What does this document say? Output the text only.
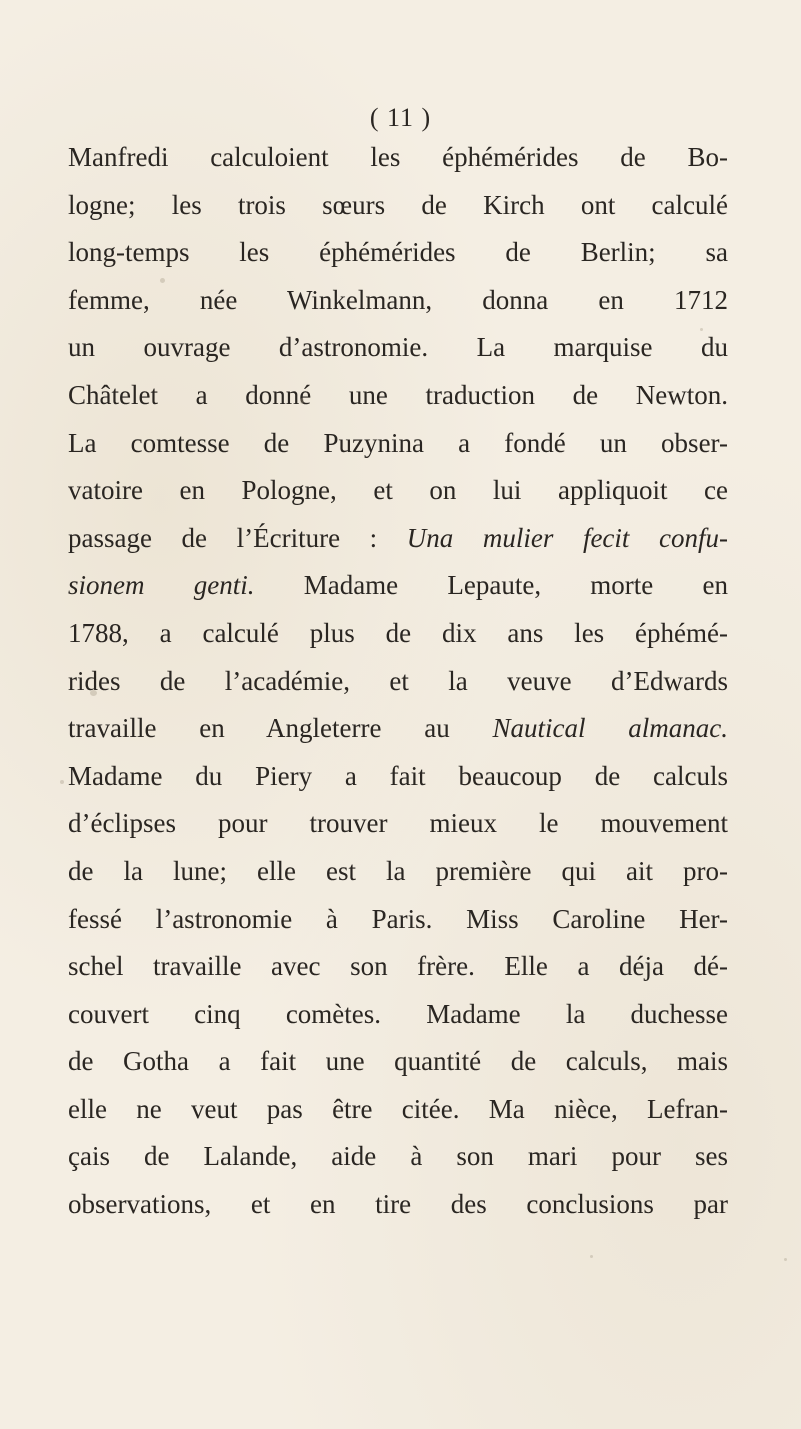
( 11 )
Manfredi calculoient les éphémérides de Bo-
logne; les trois sœurs de Kirch ont calculé
long-temps les éphémérides de Berlin; sa
femme, née Winkelmann, donna en 1712
un ouvrage d’astronomie. La marquise du
Châtelet a donné une traduction de Newton.
La comtesse de Puzynina a fondé un obser-
vatoire en Pologne, et on lui appliquoit ce
passage de l’Écriture : Una mulier fecit confu-
sionem genti. Madame Lepaute, morte en
1788, a calculé plus de dix ans les éphémé-
rides de l’académie, et la veuve d’Edwards
travaille en Angleterre au Nautical almanac.
Madame du Piery a fait beaucoup de calculs
d’éclipses pour trouver mieux le mouvement
de la lune; elle est la première qui ait pro-
fessé l’astronomie à Paris. Miss Caroline Her-
schel travaille avec son frère. Elle a déja dé-
couvert cinq comètes. Madame la duchesse
de Gotha a fait une quantité de calculs, mais
elle ne veut pas être citée. Ma nièce, Lefran-
çais de Lalande, aide à son mari pour ses
observations, et en tire des conclusions par
